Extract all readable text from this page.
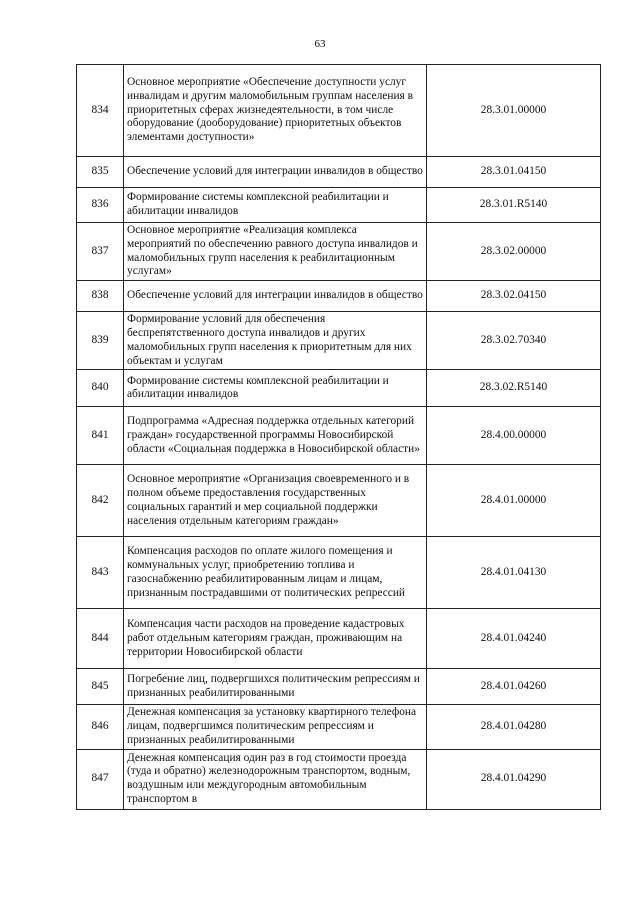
63
834	Основное мероприятие «Обеспечение доступности услуг инвалидам и другим маломобильным группам населения в приоритетных сферах жизнедеятельности, в том числе оборудование (дооборудование) приоритетных объектов элементами доступности»	28.3.01.00000
835	Обеспечение условий для интеграции инвалидов в общество	28.3.01.04150
836	Формирование системы комплексной реабилитации и абилитации инвалидов	28.3.01.R5140
837	Основное мероприятие «Реализация комплекса мероприятий по обеспечению равного доступа инвалидов и маломобильных групп населения к реабилитационным услугам»	28.3.02.00000
838	Обеспечение условий для интеграции инвалидов в общество	28.3.02.04150
839	Формирование условий для обеспечения беспрепятственного доступа инвалидов и других маломобильных групп населения к приоритетным для них объектам и услугам	28.3.02.70340
840	Формирование системы комплексной реабилитации и абилитации инвалидов	28.3.02.R5140
841	Подпрограмма «Адресная поддержка отдельных категорий граждан» государственной программы Новосибирской области «Социальная поддержка в Новосибирской области»	28.4.00.00000
842	Основное мероприятие «Организация своевременного и в полном объеме предоставления государственных социальных гарантий и мер социальной поддержки населения отдельным категориям граждан»	28.4.01.00000
843	Компенсация расходов по оплате жилого помещения и коммунальных услуг, приобретению топлива и газоснабжению реабилитированным лицам и лицам, признанным пострадавшими от политических репрессий	28.4.01.04130
844	Компенсация части расходов на проведение кадастровых работ отдельным категориям граждан, проживающим на территории Новосибирской области	28.4.01.04240
845	Погребение лиц, подвергшихся политическим репрессиям и признанных реабилитированными	28.4.01.04260
846	Денежная компенсация за установку квартирного телефона лицам, подвергшимся политическим репрессиям и признанных реабилитированными	28.4.01.04280
847	Денежная компенсация один раз в год стоимости проезда (туда и обратно) железнодорожным транспортом, водным, воздушным или междугородным автомобильным транспортом в	28.4.01.04290
